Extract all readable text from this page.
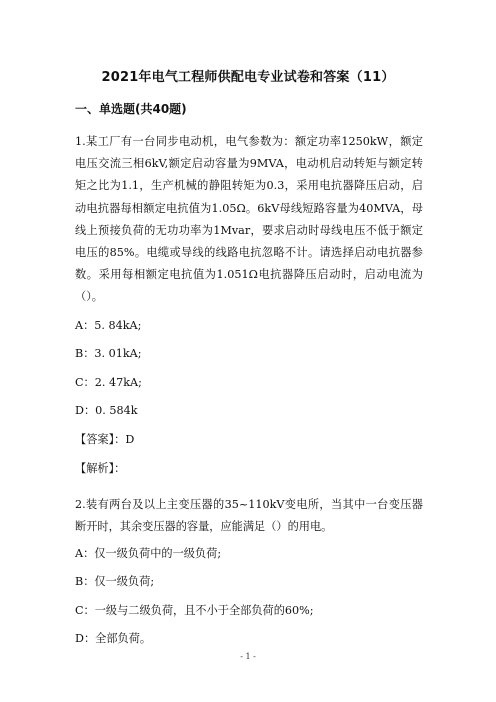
2021年电气工程师供配电专业试卷和答案（11）
一、单选题(共40题)
1.某工厂有一台同步电动机，电气参数为：额定功率1250kW，额定电压交流三相6kV,额定启动容量为9MVA，电动机启动转矩与额定转矩之比为1.1，生产机械的静阻转矩为0.3，采用电抗器降压启动，启动电抗器每相额定电抗值为1.05Ω。6kV母线短路容量为40MVA，母线上预接负荷的无功功率为1Mvar，要求启动时母线电压不低于额定电压的85%。电缆或导线的线路电抗忽略不计。请选择启动电抗器参数。采用每相额定电抗值为1.051Ω电抗器降压启动时，启动电流为（）。
A：5. 84kA;
B：3. 01kA;
C：2. 47kA;
D：0. 584k
【答案】：D
【解析】：
2.装有两台及以上主变压器的35~110kV变电所，当其中一台变压器断开时，其余变压器的容量，应能满足（）的用电。
A：仅一级负荷中的一级负荷;
B：仅一级负荷;
C：一级与二级负荷，且不小于全部负荷的60%;
D：全部负荷。
- 1 -
